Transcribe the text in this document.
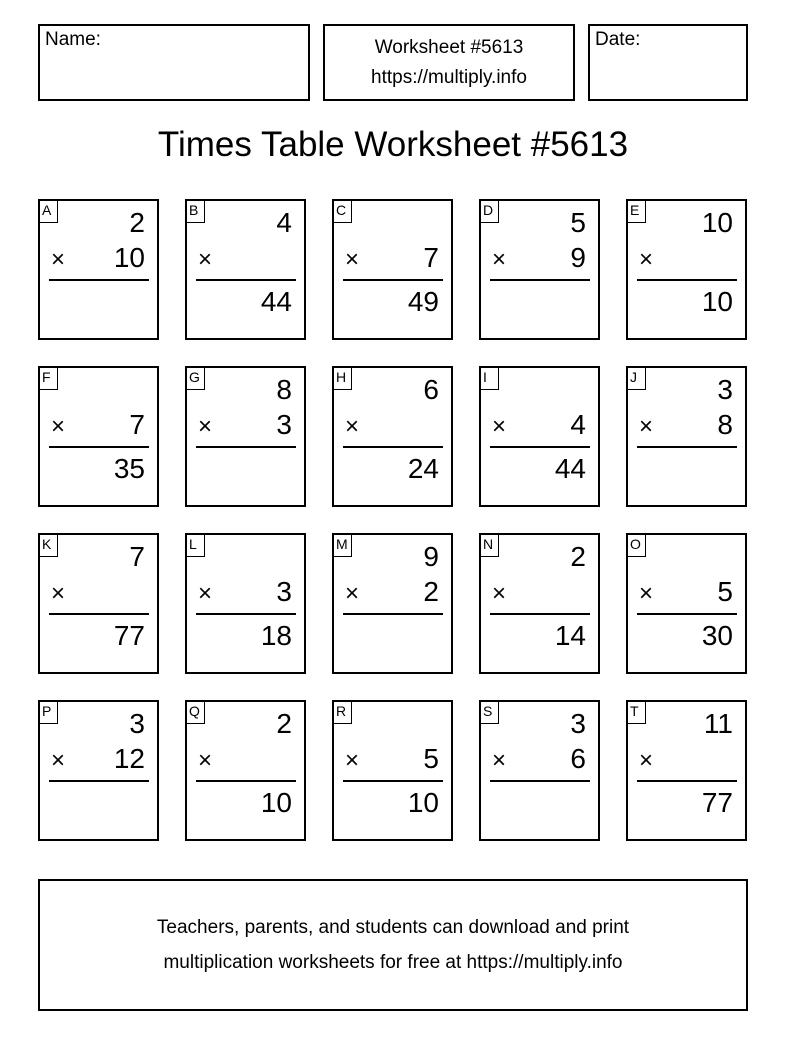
Name:	Worksheet #5613
https://multiply.info
Date:
Times Table Worksheet #5613
A	2
× 10
B	4
×
44
C
× 7
49
D	5
× 9
E 10
×
10
F
× 7
35
G	8
× 3
H	6
×
24
I
× 4
44
J	3
× 8
K	7
×
77
L
× 3
18
M	9
× 2
N	2
×
14
O
× 5
30
P	3
× 12
Q	2
×
10
R
× 5
10
S	3
× 6
T 11
×
77
Teachers, parents, and students can download and print
multiplication worksheets for free at https://multiply.info
